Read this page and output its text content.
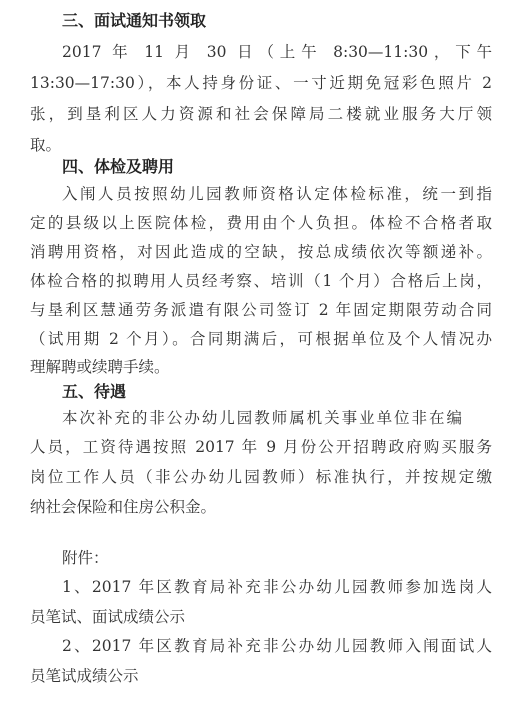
三、面试通知书领取
2017 年 11 月 30 日（上午 8:30—11:30，下午
13:30—17:30），本人持身份证、一寸近期免冠彩色照片 2
张，到垦利区人力资源和社会保障局二楼就业服务大厅领
取。
四、体检及聘用
入闱人员按照幼儿园教师资格认定体检标准，统一到指
定的县级以上医院体检，费用由个人负担。体检不合格者取
消聘用资格，对因此造成的空缺，按总成绩依次等额递补。
体检合格的拟聘用人员经考察、培训（1 个月）合格后上岗，
与垦利区慧通劳务派遣有限公司签订 2 年固定期限劳动合同
（试用期 2 个月）。合同期满后，可根据单位及个人情况办
理解聘或续聘手续。
五、待遇
本次补充的非公办幼儿园教师属机关事业单位非在编
人员，工资待遇按照 2017 年 9 月份公开招聘政府购买服务
岗位工作人员（非公办幼儿园教师）标准执行，并按规定缴
纳社会保险和住房公积金。
附件：
1、2017 年区教育局补充非公办幼儿园教师参加选岗人
员笔试、面试成绩公示
2、2017 年区教育局补充非公办幼儿园教师入闱面试人
员笔试成绩公示
